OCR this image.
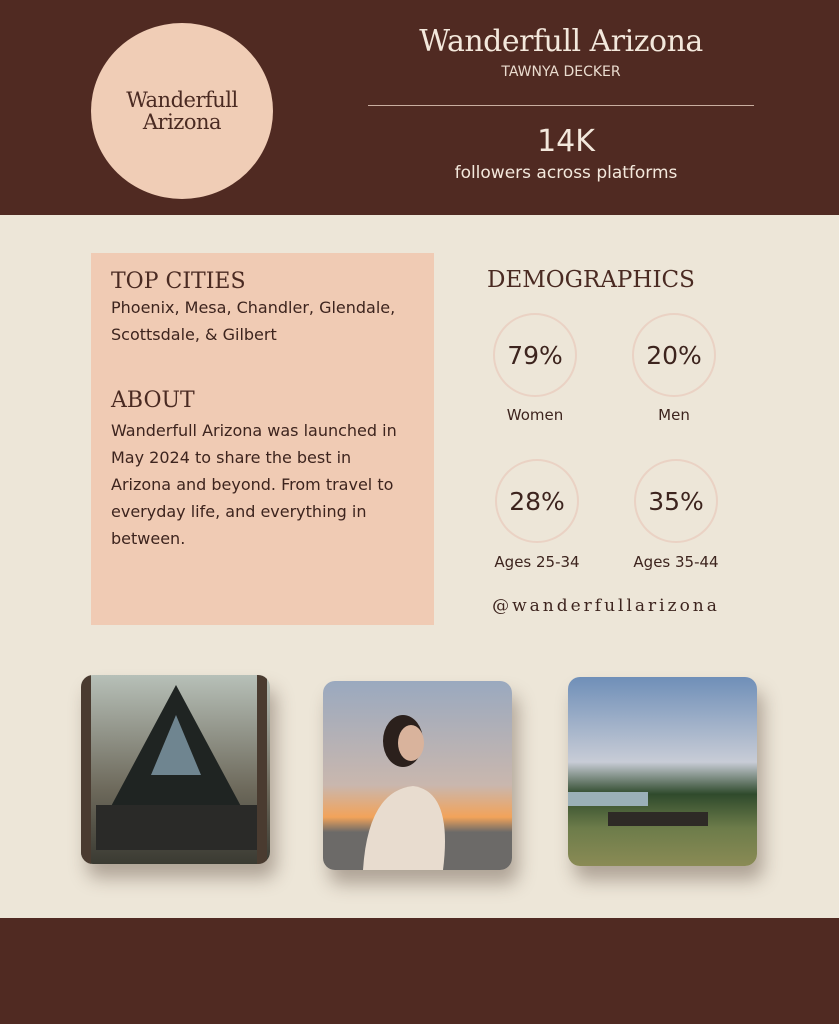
Wanderfull
Arizona
Wanderfull Arizona
TAWNYA DECKER
14K
followers across platforms
TOP CITIES
Phoenix, Mesa, Chandler, Glendale, Scottsdale, & Gilbert
ABOUT
Wanderfull Arizona was launched in May 2024 to share the best in Arizona and beyond. From travel to everyday life, and everything in between.
DEMOGRAPHICS
79%	20%
28%	35%
Women	Men
Ages 25-34	Ages 35-44
@wanderfullarizona
